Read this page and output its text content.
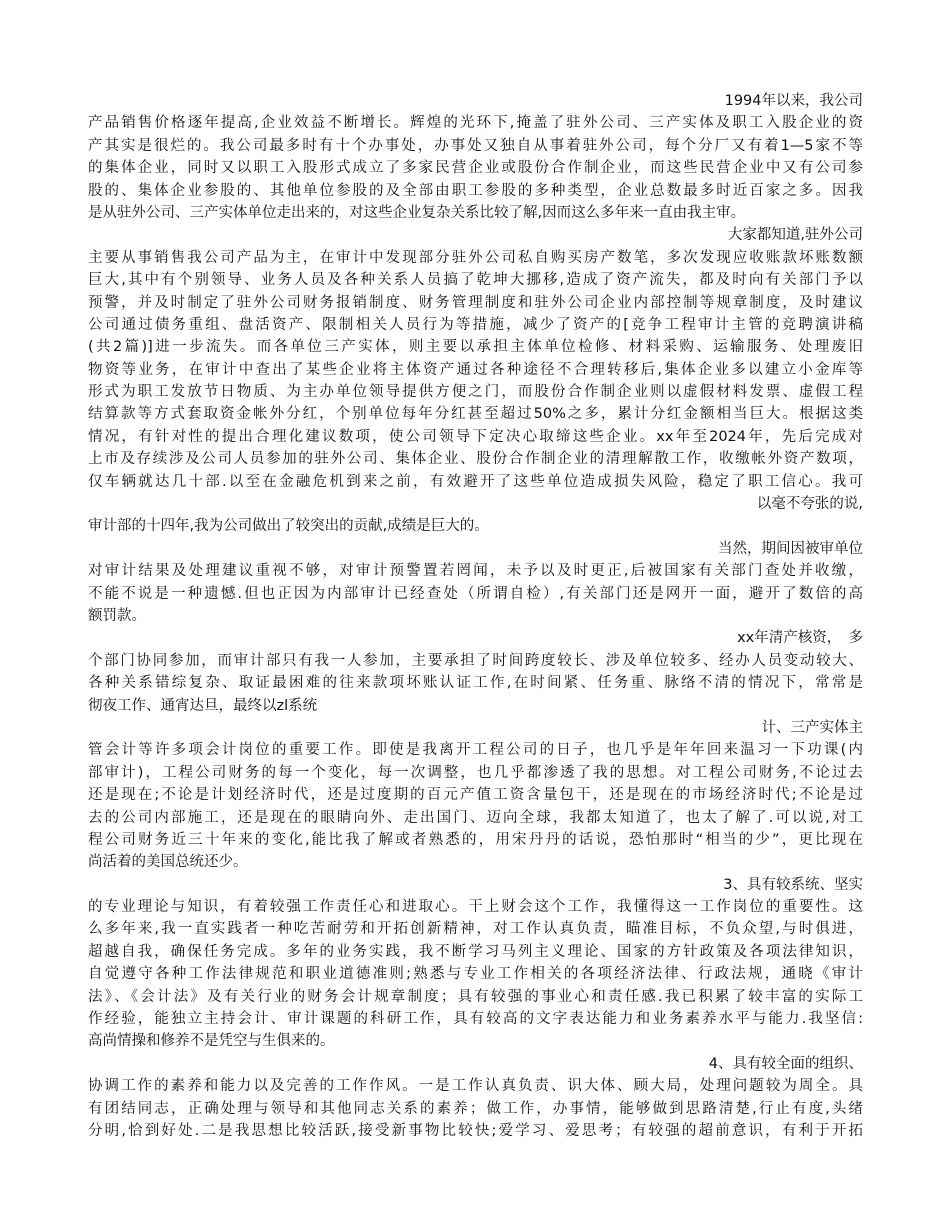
1994年以来，我公司
产品销售价格逐年提高,企业效益不断增长。辉煌的光环下,掩盖了驻外公司、三产实体及职工入股企业的资
产其实是很烂的。我公司最多时有十个办事处，办事处又独自从事着驻外公司，每个分厂又有着1—5家不等
的集体企业，同时又以职工入股形式成立了多家民营企业或股份合作制企业，而这些民营企业中又有公司参
股的、集体企业参股的、其他单位参股的及全部由职工参股的多种类型，企业总数最多时近百家之多。因我
是从驻外公司、三产实体单位走出来的，对这些企业复杂关系比较了解,因而这么多年来一直由我主审。
大家都知道,驻外公司
主要从事销售我公司产品为主，在审计中发现部分驻外公司私自购买房产数笔，多次发现应收账款坏账数额
巨大,其中有个别领导、业务人员及各种关系人员搞了乾坤大挪移,造成了资产流失，都及时向有关部门予以
预警，并及时制定了驻外公司财务报销制度、财务管理制度和驻外公司企业内部控制等规章制度，及时建议
公司通过债务重组、盘活资产、限制相关人员行为等措施，减少了资产的[竞争工程审计主管的竞聘演讲稿
(共2篇)]进一步流失。而各单位三产实体，则主要以承担主体单位检修、材料采购、运输服务、处理废旧
物资等业务，在审计中查出了某些企业将主体资产通过各种途径不合理转移后,集体企业多以建立小金库等
形式为职工发放节日物质、为主办单位领导提供方便之门，而股份合作制企业则以虚假材料发票、虚假工程
结算款等方式套取资金帐外分红，个别单位每年分红甚至超过50%之多，累计分红金额相当巨大。根据这类
情况，有针对性的提出合理化建议数项，使公司领导下定决心取缔这些企业。xx年至2024年，先后完成对
上市及存续涉及公司人员参加的驻外公司、集体企业、股份合作制企业的清理解散工作，收缴帐外资产数项，
仅车辆就达几十部.以至在金融危机到来之前，有效避开了这些单位造成损失风险，稳定了职工信心。我可
以毫不夸张的说,
审计部的十四年,我为公司做出了较突出的贡献,成绩是巨大的。
当然，期间因被审单位
对审计结果及处理建议重视不够，对审计预警置若罔闻，未予以及时更正,后被国家有关部门查处并收缴，
不能不说是一种遗憾.但也正因为内部审计已经查处（所谓自检）,有关部门还是网开一面，避开了数倍的高
额罚款。
xx年清产核资，　多
个部门协同参加，而审计部只有我一人参加，主要承担了时间跨度较长、涉及单位较多、经办人员变动较大、
各种关系错综复杂、取证最困难的往来款项坏账认证工作,在时间紧、任务重、脉络不清的情况下，常常是
彻夜工作、通宵达旦，最终以zl系统
计、三产实体主
管会计等许多项会计岗位的重要工作。即使是我离开工程公司的日子，也几乎是年年回来温习一下功课(内
部审计)，工程公司财务的每一个变化，每一次调整，也几乎都渗透了我的思想。对工程公司财务,不论过去
还是现在;不论是计划经济时代，还是过度期的百元产值工资含量包干，还是现在的市场经济时代;不论是过
去的公司内部施工，还是现在的眼睛向外、走出国门、迈向全球，我都太知道了，也太了解了.可以说,对工
程公司财务近三十年来的变化,能比我了解或者熟悉的，用宋丹丹的话说，恐怕那时“相当的少”，更比现在
尚活着的美国总统还少。
3、具有较系统、坚实
的专业理论与知识，有着较强工作责任心和进取心。干上财会这个工作，我懂得这一工作岗位的重要性。这
么多年来,我一直实践者一种吃苦耐劳和开拓创新精神，对工作认真负责，瞄准目标，不负众望,与时俱进，
超越自我，确保任务完成。多年的业务实践，我不断学习马列主义理论、国家的方针政策及各项法律知识，
自觉遵守各种工作法律规范和职业道德准则;熟悉与专业工作相关的各项经济法律、行政法规，通晓《审计
法》、《会计法》及有关行业的财务会计规章制度；具有较强的事业心和责任感.我已积累了较丰富的实际工
作经验，能独立主持会计、审计课题的科研工作，具有较高的文字表达能力和业务素养水平与能力.我坚信:
高尚情操和修养不是凭空与生俱来的。
4、具有较全面的组织、
协调工作的素养和能力以及完善的工作作风。一是工作认真负责、识大体、顾大局，处理问题较为周全。具
有团结同志，正确处理与领导和其他同志关系的素养；做工作，办事情，能够做到思路清楚,行止有度,头绪
分明,恰到好处.二是我思想比较活跃,接受新事物比较快;爱学习、爱思考；有较强的超前意识，有利于开拓
